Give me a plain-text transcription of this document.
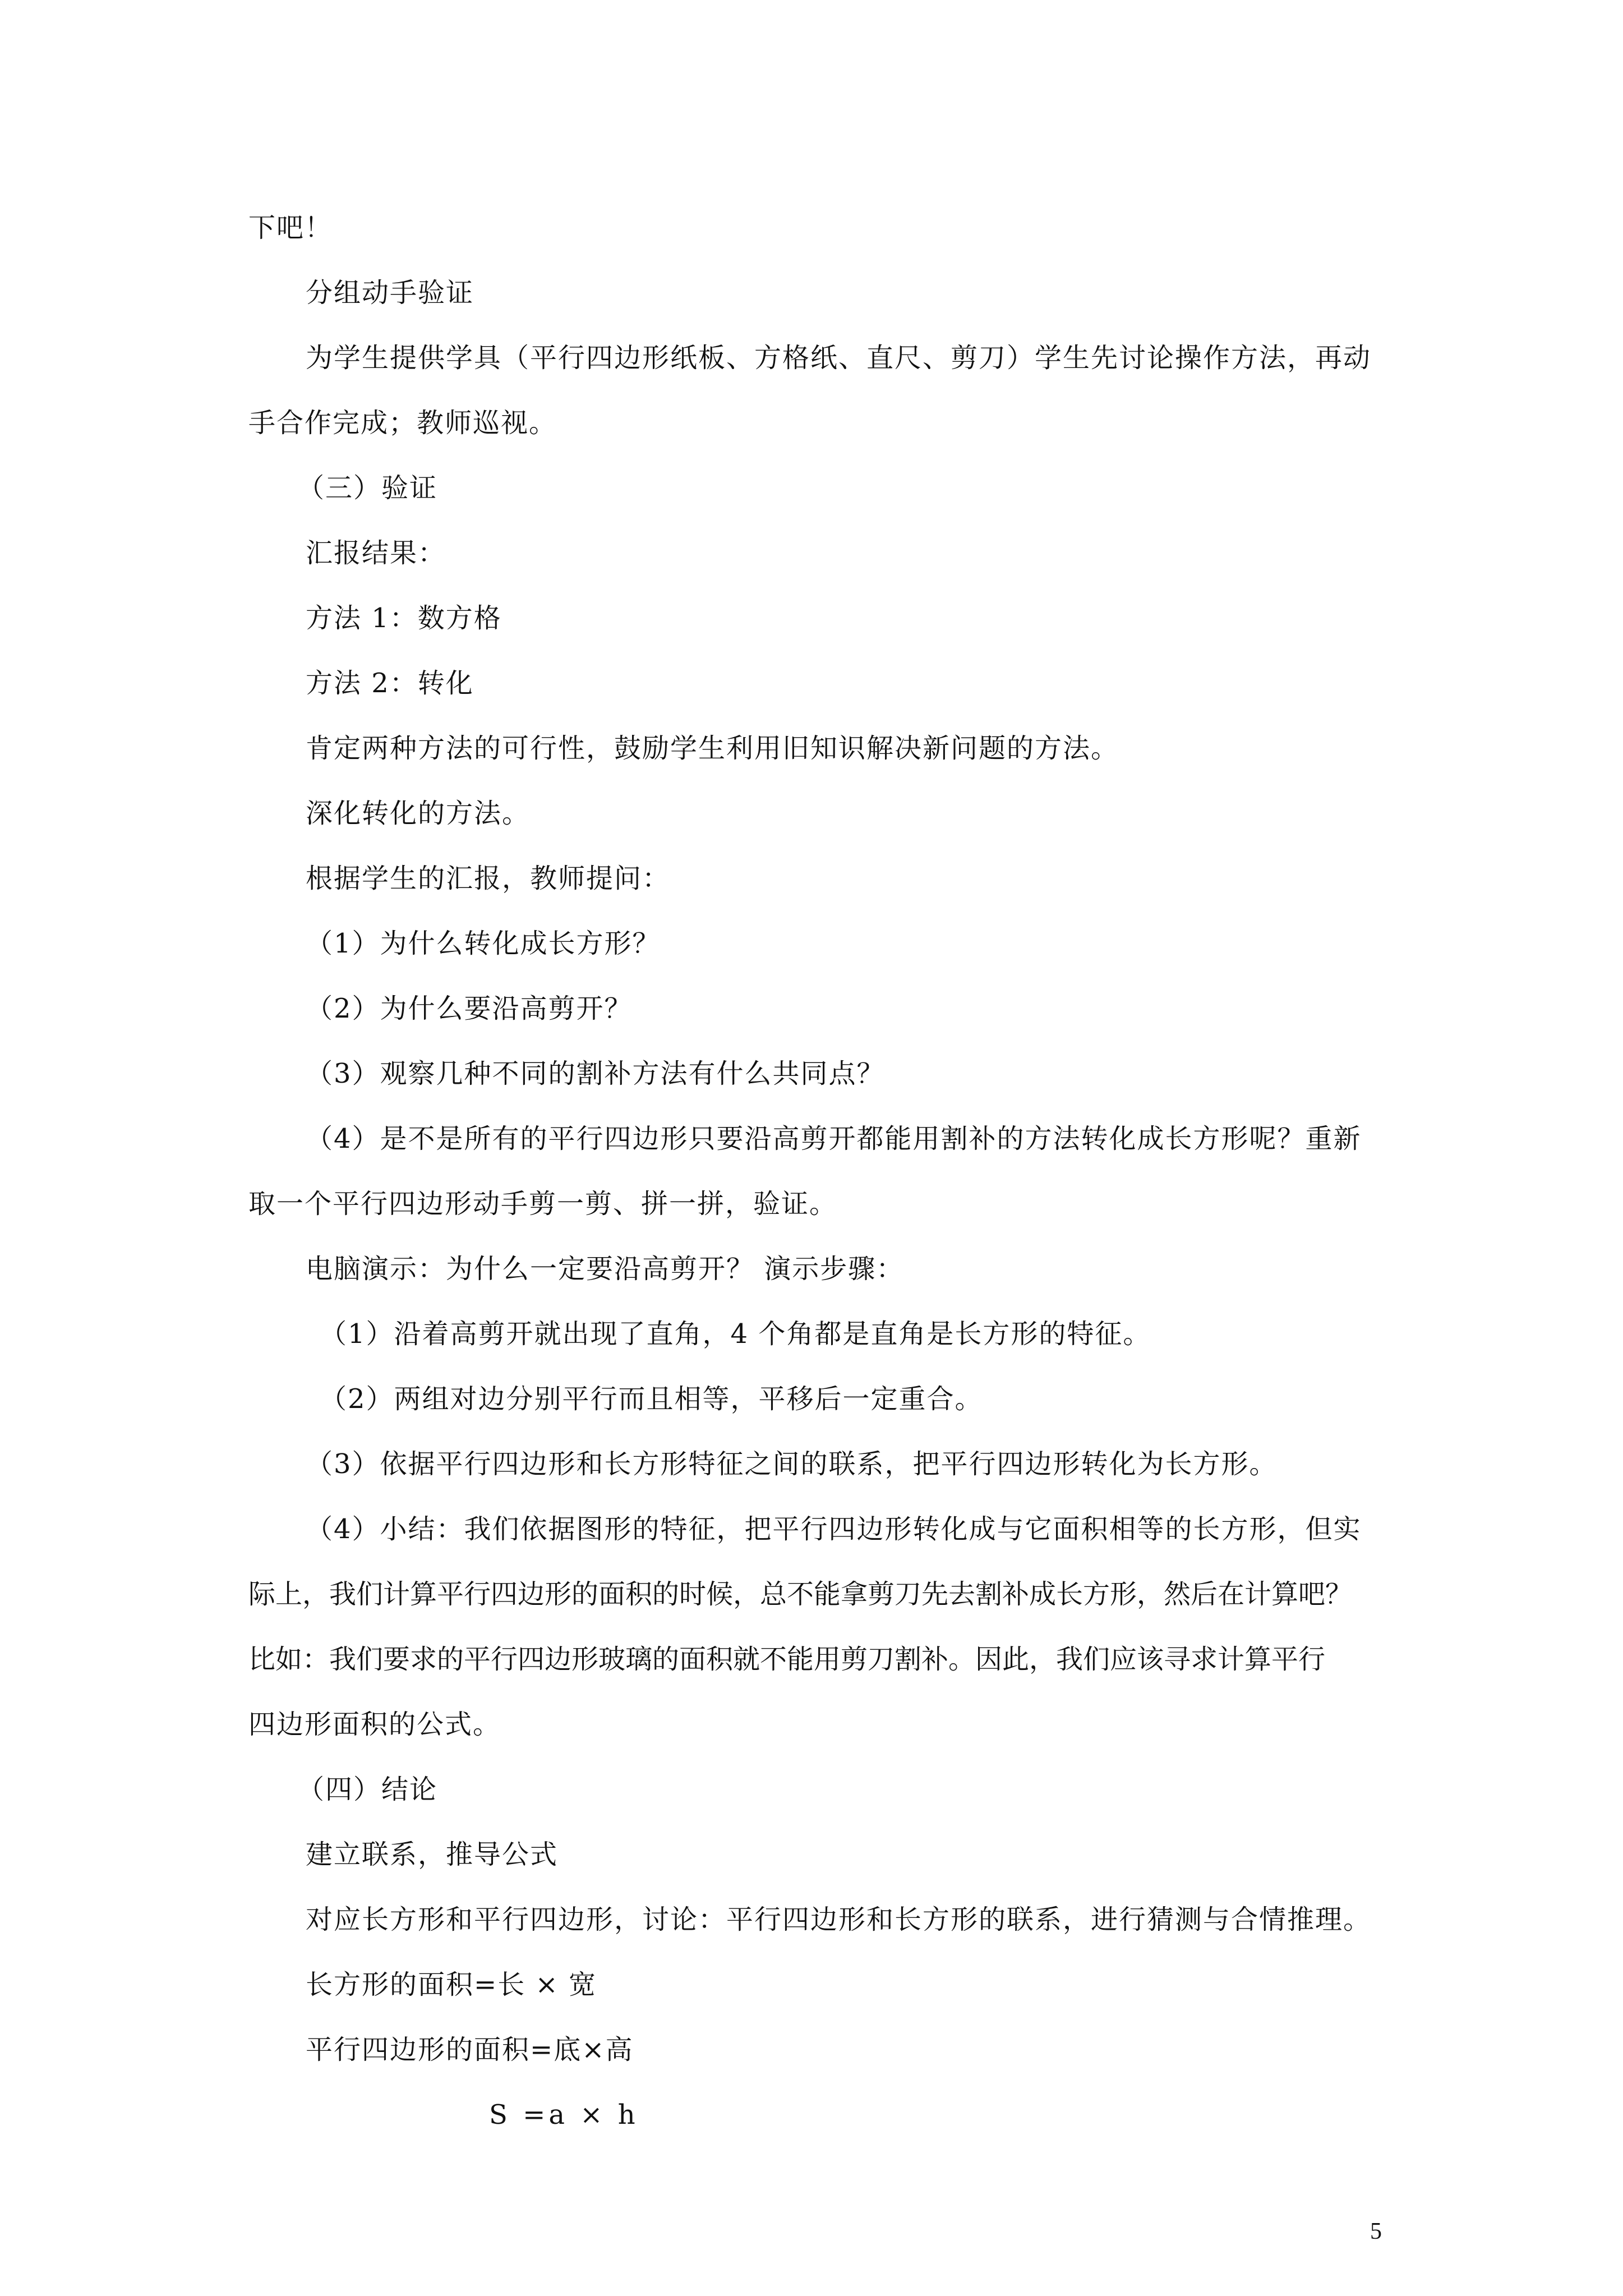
下吧！
分组动手验证
为学生提供学具（平行四边形纸板、方格纸、直尺、剪刀）学生先讨论操作方法，再动
手合作完成；教师巡视。
（三）验证
汇报结果：
方法 1：数方格
方法 2：转化
肯定两种方法的可行性，鼓励学生利用旧知识解决新问题的方法。
深化转化的方法。
根据学生的汇报，教师提问：
（1）为什么转化成长方形？
（2）为什么要沿高剪开？
（3）观察几种不同的割补方法有什么共同点？
（4）是不是所有的平行四边形只要沿高剪开都能用割补的方法转化成长方形呢？重新
取一个平行四边形动手剪一剪、拼一拼，验证。
电脑演示：为什么一定要沿高剪开？ 演示步骤：
（1）沿着高剪开就出现了直角，4 个角都是直角是长方形的特征。
（2）两组对边分别平行而且相等，平移后一定重合。
（3）依据平行四边形和长方形特征之间的联系，把平行四边形转化为长方形。
（4）小结：我们依据图形的特征，把平行四边形转化成与它面积相等的长方形，但实
际上，我们计算平行四边形的面积的时候，总不能拿剪刀先去割补成长方形，然后在计算吧？
比如：我们要求的平行四边形玻璃的面积就不能用剪刀割补。因此，我们应该寻求计算平行
四边形面积的公式。
（四）结论
建立联系，推导公式
对应长方形和平行四边形，讨论：平行四边形和长方形的联系，进行猜测与合情推理。
长方形的面积=长 × 宽
平行四边形的面积=底×高
S =a × h
5
